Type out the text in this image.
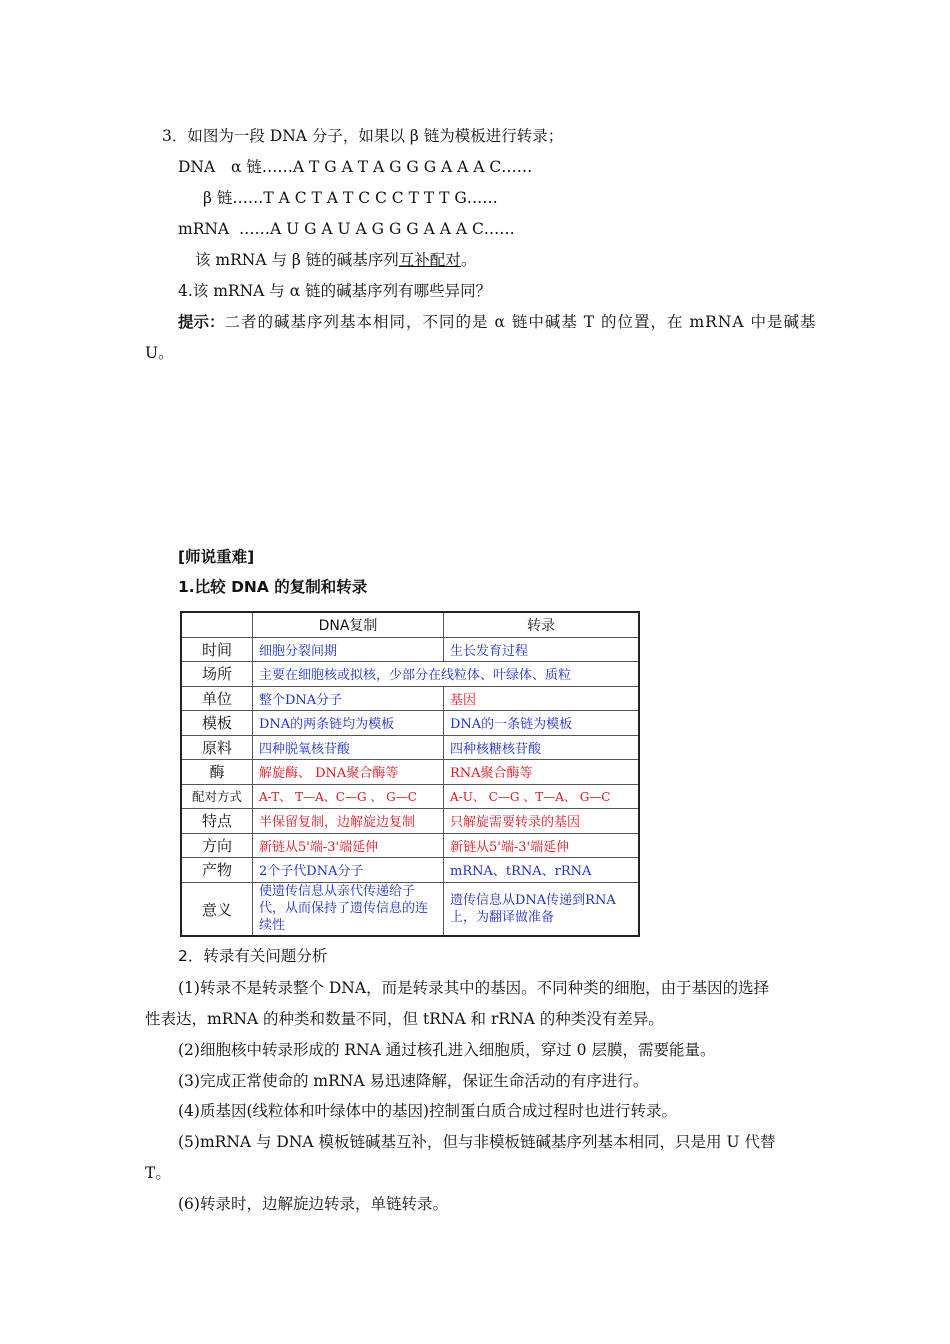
3．如图为一段 DNA 分子，如果以 β 链为模板进行转录；
DNA α 链……A T G A T A G G G A A A C……
β 链……T A C T A T C C C T T T G……
mRNA ……A U G A U A G G G A A A C……
该 mRNA 与 β 链的碱基序列互补配对。
4.该 mRNA 与 α 链的碱基序列有哪些异同？
提示：二者的碱基序列基本相同，不同的是 α 链中碱基 T 的位置，在 mRNA 中是碱基
U。
[师说重难]
1.比较 DNA 的复制和转录
	DNA复制	转录
时间	细胞分裂间期	生长发育过程
场所	主要在细胞核或拟核，少部分在线粒体、叶绿体、质粒	
单位	整个DNA分子	基因
模板	DNA的两条链均为模板	DNA的一条链为模板
原料	四种脱氧核苷酸	四种核糖核苷酸
酶	解旋酶、 DNA聚合酶等	RNA聚合酶等
配对方式	A-T、 T—A、C—G 、 G—C	A-U、 C—G 、T—A、 G—C
特点	半保留复制，边解旋边复制	只解旋需要转录的基因
方向	新链从5'端-3'端延伸	新链从5'端-3'端延伸
产物	2个子代DNA分子	mRNA、tRNA、rRNA
意义	使遗传信息从亲代传递给子代，从而保持了遗传信息的连续性	遗传信息从DNA传递到RNA上，为翻译做准备
2．转录有关问题分析
(1)转录不是转录整个 DNA，而是转录其中的基因。不同种类的细胞，由于基因的选择
性表达，mRNA 的种类和数量不同，但 tRNA 和 rRNA 的种类没有差异。
(2)细胞核中转录形成的 RNA 通过核孔进入细胞质，穿过 0 层膜，需要能量。
(3)完成正常使命的 mRNA 易迅速降解，保证生命活动的有序进行。
(4)质基因(线粒体和叶绿体中的基因)控制蛋白质合成过程时也进行转录。
(5)mRNA 与 DNA 模板链碱基互补，但与非模板链碱基序列基本相同，只是用 U 代替
T。
(6)转录时，边解旋边转录，单链转录。
